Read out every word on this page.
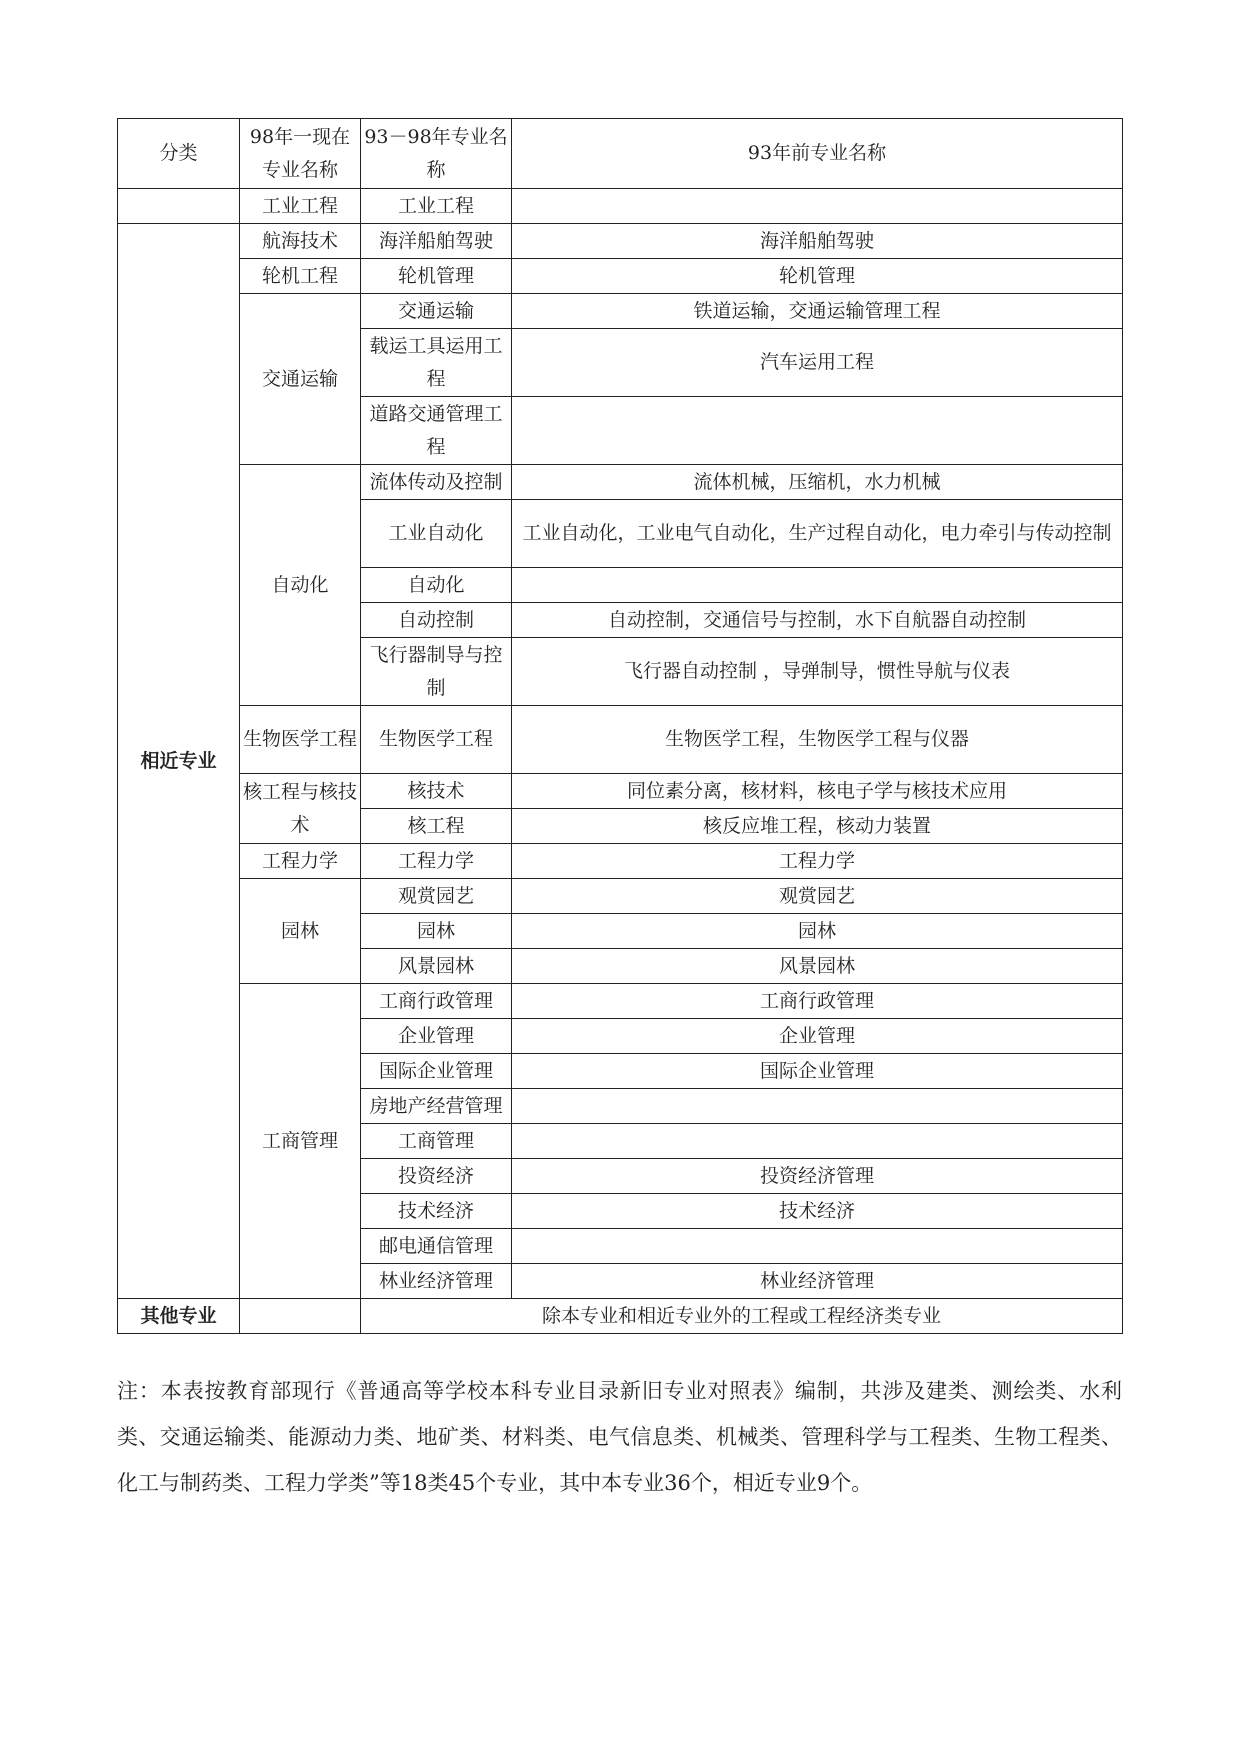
分类	98年一现在专业名称	93－98年专业名称	93年前专业名称
	工业工程	工业工程	
相近专业	航海技术	海洋船舶驾驶	海洋船舶驾驶
	轮机工程	轮机管理	轮机管理
	交通运输	交通运输	铁道运输，交通运输管理工程
		载运工具运用工程	汽车运用工程
		道路交通管理工程	
	自动化	流体传动及控制	流体机械，压缩机，水力机械
		工业自动化	工业自动化，工业电气自动化，生产过程自动化，电力牵引与传动控制
		自动化	
		自动控制	自动控制，交通信号与控制，水下自航器自动控制
		飞行器制导与控制	飞行器自动控制 ，导弹制导，惯性导航与仪表
	生物医学工程	生物医学工程	生物医学工程，生物医学工程与仪器
	核工程与核技术	核技术	同位素分离，核材料，核电子学与核技术应用
		核工程	核反应堆工程，核动力装置
	工程力学	工程力学	工程力学
	园林	观赏园艺	观赏园艺
		园林	园林
		风景园林	风景园林
	工商管理	工商行政管理	工商行政管理
		企业管理	企业管理
		国际企业管理	国际企业管理
		房地产经营管理	
		工商管理	
		投资经济	投资经济管理
		技术经济	技术经济
		邮电通信管理	
		林业经济管理	林业经济管理
其他专业		除本专业和相近专业外的工程或工程经济类专业	

注：本表按教育部现行《普通高等学校本科专业目录新旧专业对照表》编制，共涉及建类、测绘类、水利类、交通运输类、能源动力类、地矿类、材料类、电气信息类、机械类、管理科学与工程类、生物工程类、化工与制药类、工程力学类”等18类45个专业，其中本专业36个，相近专业9个。
